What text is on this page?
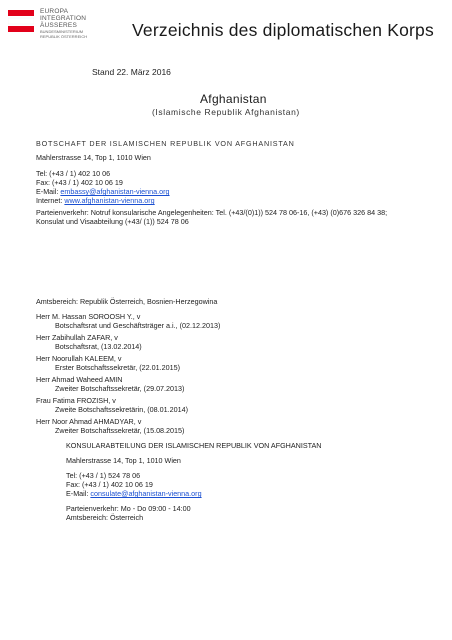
EUROPA
INTEGRATION
ÄUSSERES
BUNDESMINISTERIUM
REPUBLIK ÖSTERREICH	Verzeichnis des diplomatischen Korps
Stand 22. März 2016
Afghanistan
(Islamische Republik Afghanistan)
BOTSCHAFT DER ISLAMISCHEN REPUBLIK VON AFGHANISTAN
Mahlerstrasse 14, Top 1, 1010 Wien
Tel: (+43 / 1) 402 10 06
Fax: (+43 / 1) 402 10 06 19
E-Mail: embassy@afghanistan-vienna.org
Internet: www.afghanistan-vienna.org
Parteienverkehr: Notruf konsularische Angelegenheiten: Tel. (+43/(0)1)) 524 78 06-16, (+43) (0)676 326 84 38;
Konsulat und Visaabteilung (+43/ (1)) 524 78 06
Amtsbereich: Republik Österreich, Bosnien-Herzegowina
Herr M. Hassan SOROOSH Y., v
Botschaftsrat und Geschäftsträger a.i., (02.12.2013)
Herr Zabihullah ZAFAR, v
Botschaftsrat, (13.02.2014)
Herr Noorullah KALEEM, v
Erster Botschaftssekretär, (22.01.2015)
Herr Ahmad Waheed AMIN
Zweiter Botschaftssekretär, (29.07.2013)
Frau Fatima FROZISH, v
Zweite Botschaftssekretärin, (08.01.2014)
Herr Noor Ahmad AHMADYAR, v
Zweiter Botschaftssekretär, (15.08.2015)
KONSULARABTEILUNG DER ISLAMISCHEN REPUBLIK VON AFGHANISTAN
Mahlerstrasse 14, Top 1, 1010 Wien
Tel: (+43 / 1) 524 78 06
Fax: (+43 / 1) 402 10 06 19
E-Mail: consulate@afghanistan-vienna.org
Parteienverkehr: Mo - Do 09:00 - 14:00
Amtsbereich: Österreich
